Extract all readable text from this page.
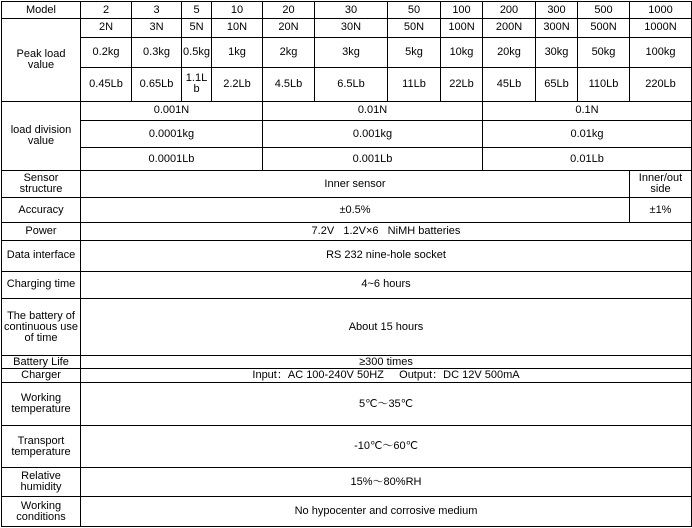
Model	2	3	5	10	20	30	50	100	200	300	500	1000
Peak load value	2N	3N	5N	10N	20N	30N	50N	100N	200N	300N	500N	1000N
	0.2kg	0.3kg	0.5kg	1kg	2kg	3kg	5kg	10kg	20kg	30kg	50kg	100kg
	0.45Lb	0.65Lb	1.1Lb	2.2Lb	4.5Lb	6.5Lb	11Lb	22Lb	45Lb	65Lb	110Lb	220Lb
load division value	0.001N				0.01N				0.1N			
	0.0001kg				0.001kg				0.01kg			
	0.0001Lb				0.001Lb				0.01Lb			
Sensor structure	Inner sensor											Inner/out side
Accuracy	±0.5%											±1%
Power	7.2V   1.2V×6   NiMH batteries											
Data interface	RS 232 nine-hole socket											
Charging time	4~6 hours											
The battery of continuous use of time	About 15 hours											
Battery Life	≥300 times											
Charger	Input：AC 100-240V 50HZ     Output：DC 12V 500mA											
Working temperature	5℃～35℃											
Transport temperature	-10℃～60℃											
Relative humidity	15%～80%RH											
Working conditions	No hypocenter and corrosive medium											
